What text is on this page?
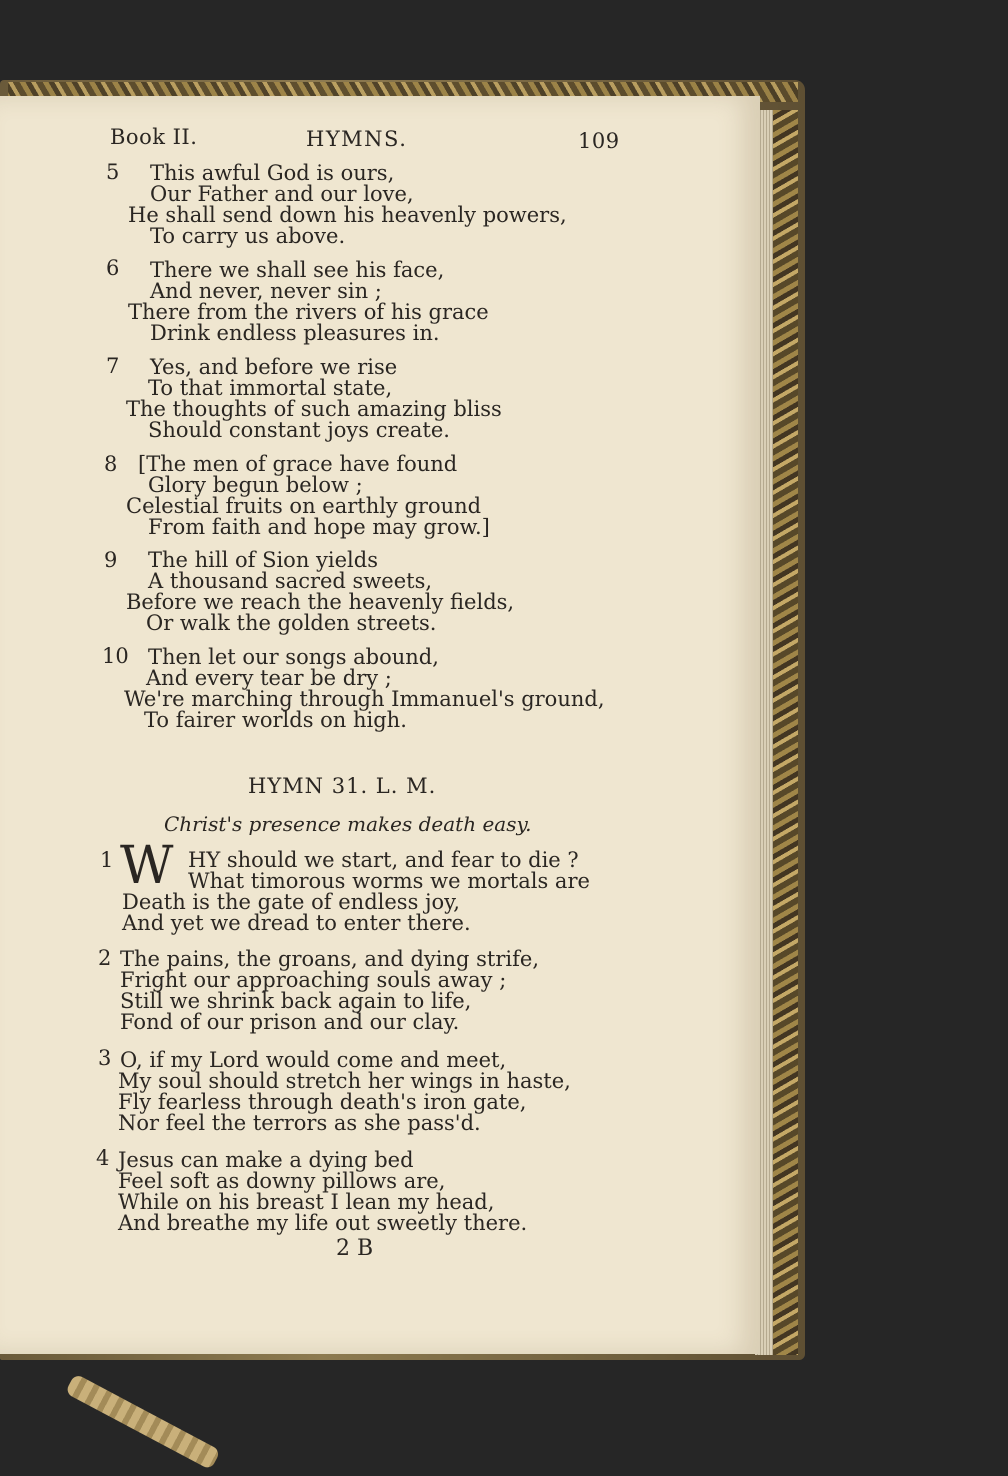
Book II.	HYMNS.	109
5 This awful God is ours,
Our Father and our love,
He shall send down his heavenly powers,
To carry us above.
6 There we shall see his face,
And never, never sin ;
There from the rivers of his grace
Drink endless pleasures in.
7 Yes, and before we rise
To that immortal state,
The thoughts of such amazing bliss
Should constant joys create.
8 [The men of grace have found
Glory begun below ;
Celestial fruits on earthly ground
From faith and hope may grow.]
9 The hill of Sion yields
A thousand sacred sweets,
Before we reach the heavenly fields,
Or walk the golden streets.
10 Then let our songs abound,
And every tear be dry ;
We're marching through Immanuel's ground,
To fairer worlds on high.
HYMN 31. L. M.
Christ's presence makes death easy.
1 W HY should we start, and fear to die ?
What timorous worms we mortals are
Death is the gate of endless joy,
And yet we dread to enter there.
2 The pains, the groans, and dying strife,
Fright our approaching souls away ;
Still we shrink back again to life,
Fond of our prison and our clay.
3 O, if my Lord would come and meet,
My soul should stretch her wings in haste,
Fly fearless through death's iron gate,
Nor feel the terrors as she pass'd.
4 Jesus can make a dying bed
Feel soft as downy pillows are,
While on his breast I lean my head,
And breathe my life out sweetly there.
2 B
